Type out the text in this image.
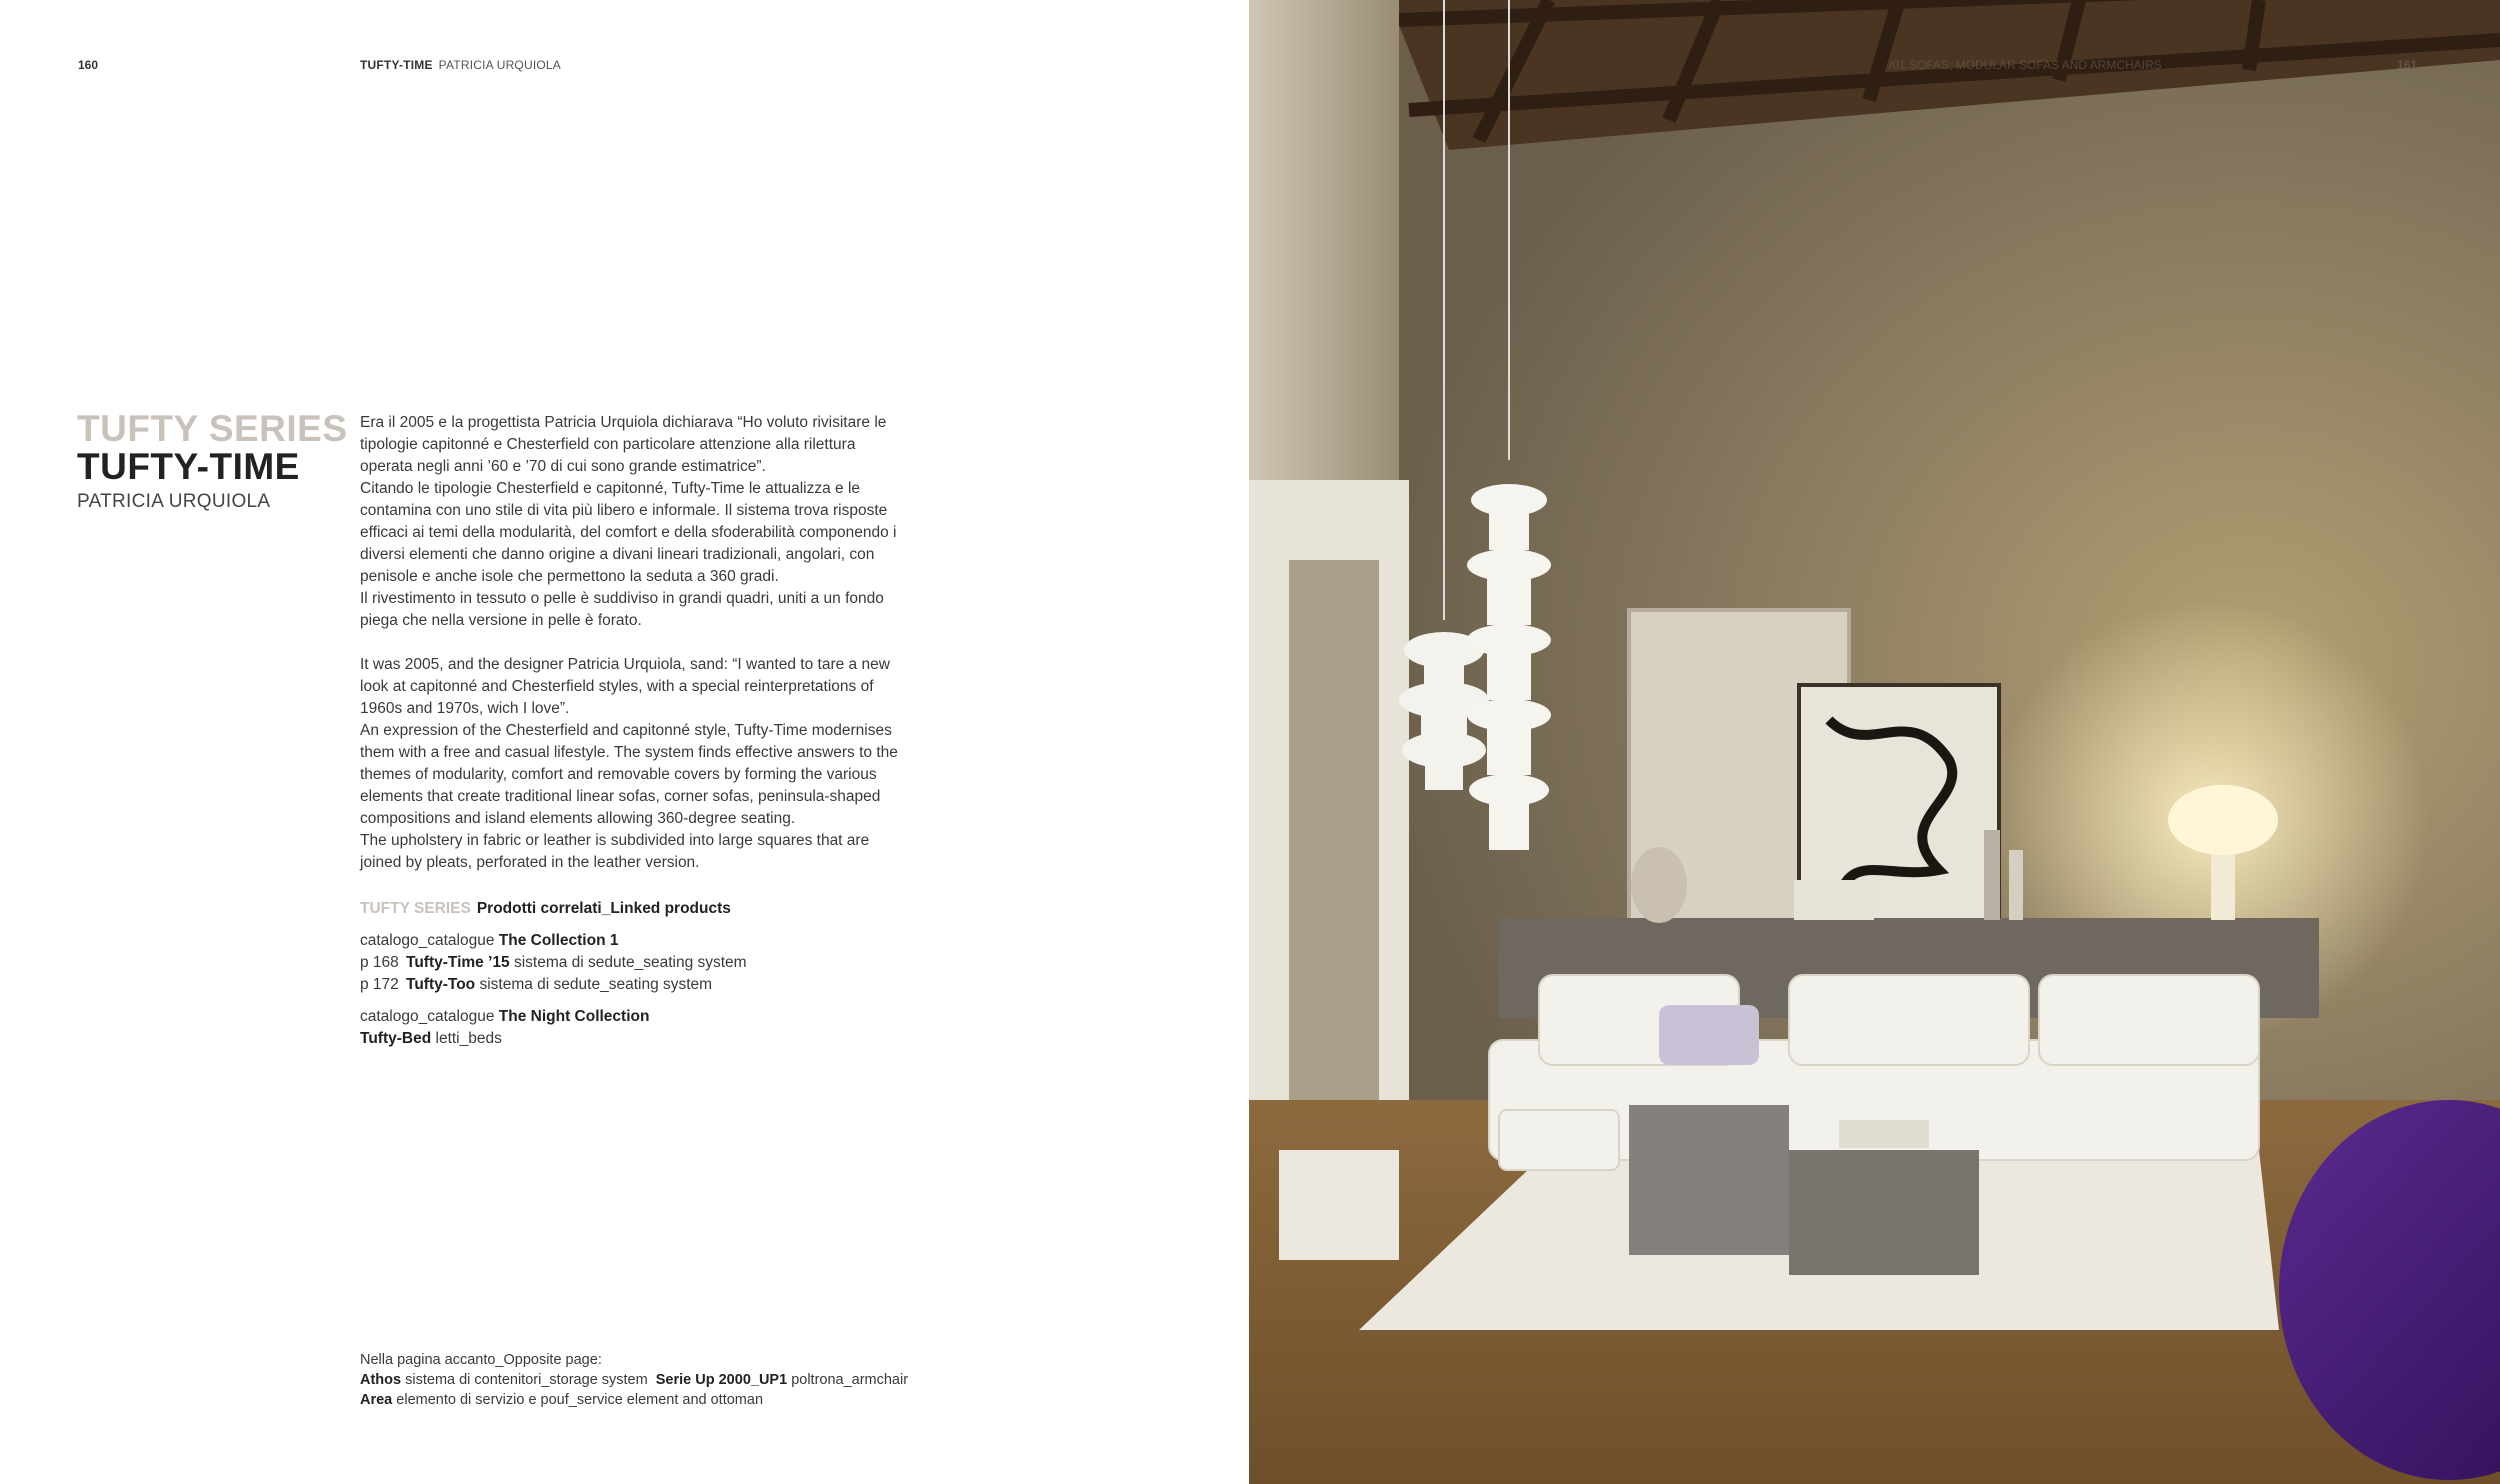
160	TUFTY-TIME PATRICIA URQUIOLA
TUFTY SERIES
TUFTY-TIME
PATRICIA URQUIOLA

Era il 2005 e la progettista Patricia Urquiola dichiarava “Ho voluto rivisitare le tipologie capitonné e Chesterfield con particolare attenzione alla rilettura operata negli anni ’60 e ’70 di cui sono grande estimatrice”.

Citando le tipologie Chesterfield e capitonné, Tufty-Time le attualizza e le contamina con uno stile di vita più libero e informale. Il sistema trova risposte efficaci ai temi della modularità, del comfort e della sfoderabilità componendo i diversi elementi che danno origine a divani lineari tradizionali, angolari, con penisole e anche isole che permettono la seduta a 360 gradi.

Il rivestimento in tessuto o pelle è suddiviso in grandi quadri, uniti a un fondo piega che nella versione in pelle è forato.

It was 2005, and the designer Patricia Urquiola, sand: “I wanted to tare a new look at capitonné and Chesterfield styles, with a special reinterpretations of 1960s and 1970s, wich I love”.

An expression of the Chesterfield and capitonné style, Tufty-Time modernises them with a free and casual lifestyle. The system finds effective answers to the themes of modularity, comfort and removable covers by forming the various elements that create traditional linear sofas, corner sofas, peninsula-shaped compositions and island elements allowing 360-degree seating.

The upholstery in fabric or leather is subdivided into large squares that are joined by pleats, perforated in the leather version.

TUFTY SERIES Prodotti correlati_Linked products
catalogo_catalogue The Collection 1
p 168 Tufty-Time ’15 sistema di sedute_seating system
p 172 Tufty-Too sistema di sedute_seating system
catalogo_catalogue The Night Collection
Tufty-Bed letti_beds
Nella pagina accanto_Opposite page:
Athos sistema di contenitori_storage system Serie Up 2000_UP1 poltrona_armchair
Area elemento di servizio e pouf_service element and ottoman
/01 SOFAS, MODULAR SOFAS AND ARMCHAIRS	161
